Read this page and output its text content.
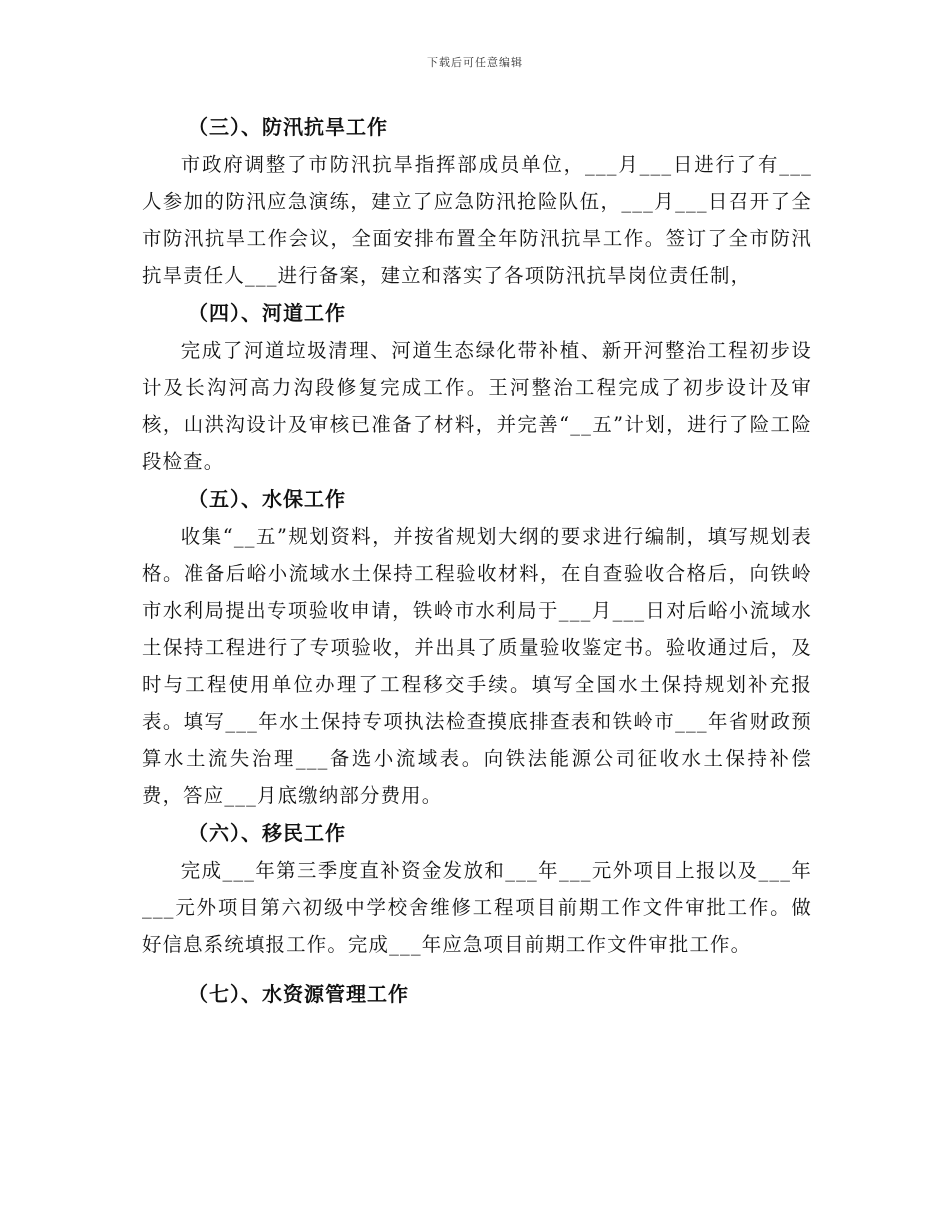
下载后可任意编辑
（三）、防汛抗旱工作

市政府调整了市防汛抗旱指挥部成员单位，___月___日进行了有___人参加的防汛应急演练，建立了应急防汛抢险队伍，___月___日召开了全市防汛抗旱工作会议，全面安排布置全年防汛抗旱工作。签订了全市防汛抗旱责任人___进行备案，建立和落实了各项防汛抗旱岗位责任制，

（四）、河道工作

完成了河道垃圾清理、河道生态绿化带补植、新开河整治工程初步设计及长沟河高力沟段修复完成工作。王河整治工程完成了初步设计及审核，山洪沟设计及审核已准备了材料，并完善“__五”计划，进行了险工险段检查。

（五）、水保工作

收集“__五”规划资料，并按省规划大纲的要求进行编制，填写规划表格。准备后峪小流域水土保持工程验收材料，在自查验收合格后，向铁岭市水利局提出专项验收申请，铁岭市水利局于___月___日对后峪小流域水土保持工程进行了专项验收，并出具了质量验收鉴定书。验收通过后，及时与工程使用单位办理了工程移交手续。填写全国水土保持规划补充报表。填写___年水土保持专项执法检查摸底排查表和铁岭市___年省财政预算水土流失治理___备选小流域表。向铁法能源公司征收水土保持补偿费，答应___月底缴纳部分费用。

（六）、移民工作

完成___年第三季度直补资金发放和___年___元外项目上报以及___年___元外项目第六初级中学校舍维修工程项目前期工作文件审批工作。做好信息系统填报工作。完成___年应急项目前期工作文件审批工作。

（七）、水资源管理工作
